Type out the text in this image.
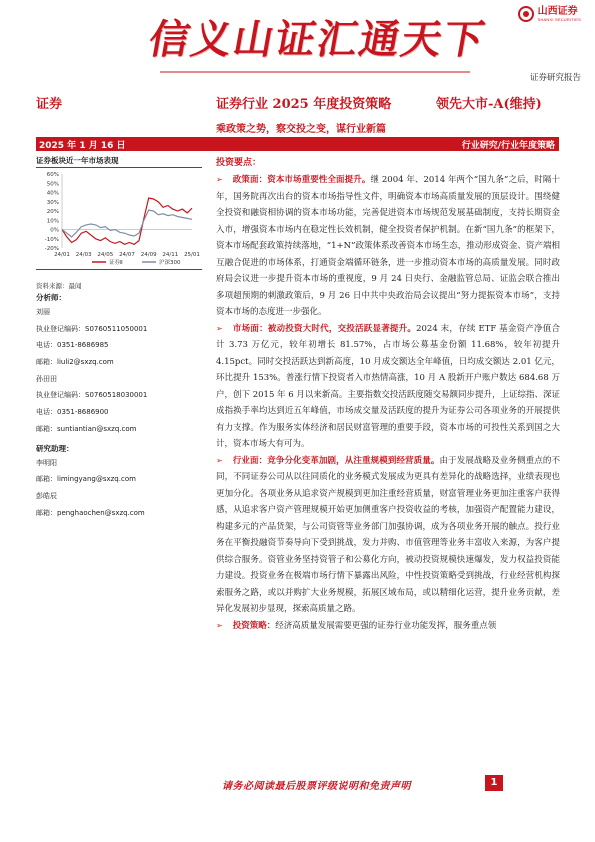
信义山证汇通天下
山西证券
SHANXI SECURITIES
证券研究报告
证券	证券行业 2025 年度投资策略	领先大市-A(维持)
乘政策之势，察交投之变，谋行业新篇
2025 年 1 月 16 日	行业研究/行业年度策略
证券板块近一年市场表现
-20%
-10%
0%
10%
20%
30%
40%
50%
60%
24/01 24/03 24/05 24/07 24/09 24/11 25/01
证券Ⅱ	沪深300
资料来源：最闻
分析师：
刘丽
执业登记编码：S0760511050001
电话：0351-8686985
邮箱：liuli2@sxzq.com
孙田田
执业登记编码：S0760518030001
电话：0351-8686900
邮箱：suntiantian@sxzq.com
研究助理：
李明阳
邮箱：limingyang@sxzq.com
彭皓辰
邮箱：penghaochen@sxzq.com
投资要点：

➢ 政策面：资本市场重要性全面提升。继 2004 年、2014 年两个“国九条”之后，时隔十年，国务院再次出台的资本市场指导性文件，明确资本市场高质量发展的顶层设计。围绕健全投资和融资相协调的资本市场功能，完善促进资本市场规范发展基础制度，支持长期资金入市，增强资本市场内在稳定性长效机制，健全投资者保护机制。在新“国九条”的框架下，资本市场配套政策持续落地，“1+N”政策体系改善资本市场生态，推动形成资金、资产端相互融合促进的市场体系，打通资金端循环链条，进一步推动资本市场的高质量发展。同时政府局会议进一步提升资本市场的重视度，9 月 24 日央行、金融监管总局、证监会联合推出多项超预期的刺激政策后，9 月 26 日中共中央政治局会议提出“努力提振资本市场”，支持资本市场的态度进一步强化。

➢ 市场面：被动投资大时代，交投活跃显著提升。2024 末，存续 ETF 基金资产净值合计 3.73 万亿元，较年初增长 81.57%，占市场公募基金份额 11.68%，较年初提升 4.15pct。同时交投活跃达到新高度，10 月成交额达全年峰值，日均成交额达 2.01 亿元，环比提升 153%。普涨行情下投资者入市热情高涨，10 月 A 股新开户账户数达 684.68 万户，创下 2015 年 6 月以来新高。主要指数交投活跃度随交易额同步提升，上证综指、深证成指换手率均达到近五年峰值，市场成交量及活跃度的提升为证券公司各项业务的开展提供有力支撑。作为服务实体经济和居民财富管理的重要手段，资本市场的可投性关系到国之大计，资本市场大有可为。

➢ 行业面：竞争分化变革加剧，从注重规模到经营质量。由于发展战略及业务侧重点的不同，不同证券公司从以往同质化的业务模式发展成为更具有差异化的战略选择，业绩表现也更加分化。各项业务从追求资产规模到更加注重经营质量，财富管理业务更加注重客户获得感，从追求客户资产管理规模开始更加侧重客户投资收益的考核，加强资产配置能力建设，构建多元的产品货架，与公司资管等业务部门加强协调，成为各项业务开展的触点。投行业务在平衡投融资节奏导向下受到挑战，发力并购、市值管理等业务丰富收入来源，为客户提供综合服务。资管业务坚持资管子和公募化方向，被动投资规模快速爆发，发力权益投资能力建设。投资业务在极端市场行情下暴露出风险，中性投资策略受到挑战，行业经营机构探索服务之路，或以并购扩大业务规模，拓展区域布局，或以精细化运营，提升业务贡献，差异化发展初步显现，探索高质量之路。

➢ 投资策略：经济高质量发展需要更强的证券行业功能发挥，服务重点领

请务必阅读最后股票评级说明和免责声明	1
